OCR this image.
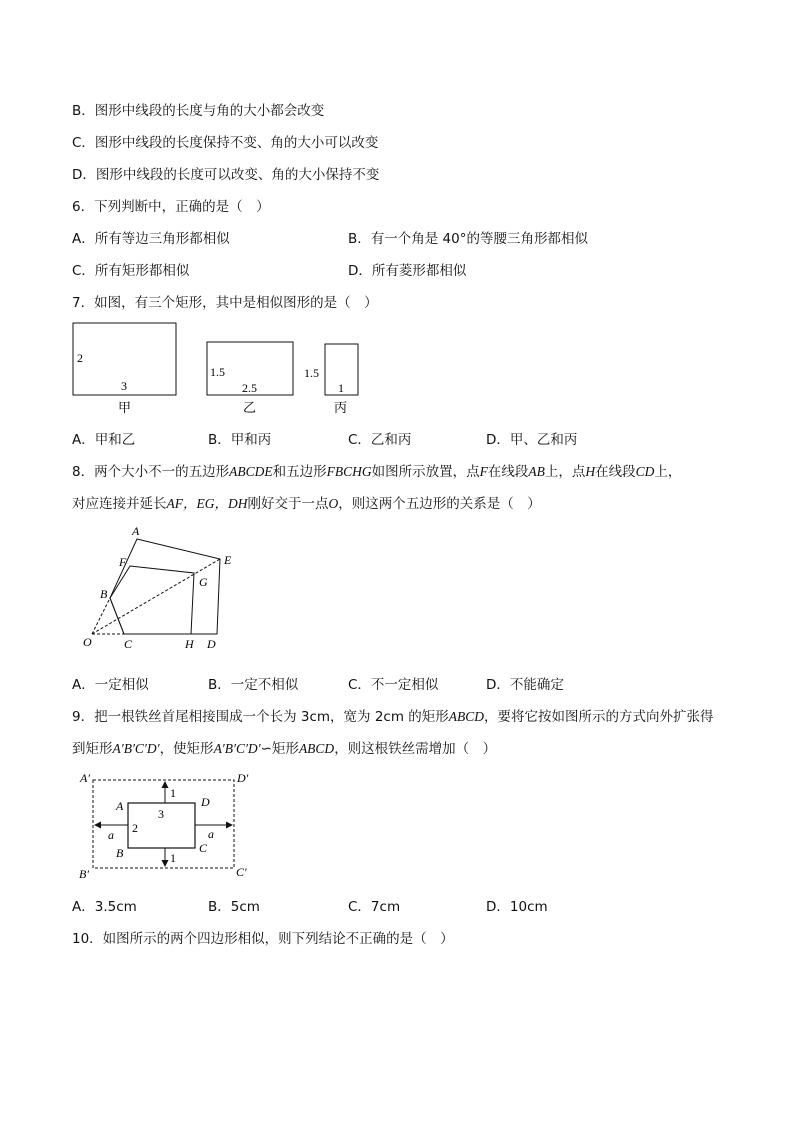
B．图形中线段的长度与角的大小都会改变
C．图形中线段的长度保持不变、角的大小可以改变
D．图形中线段的长度可以改变、角的大小保持不变
6．下列判断中，正确的是（　）
A．所有等边三角形都相似	B．有一个角是 40°的等腰三角形都相似
C．所有矩形都相似	D．所有菱形都相似
7．如图，有三个矩形，其中是相似图形的是（　）
2
3
甲
1.5
2.5
乙
1.5
1
丙
A．甲和乙	B．甲和丙	C．乙和丙	D．甲、乙和丙
8．两个大小不一的五边形ABCDE和五边形FBCHG如图所示放置，点F在线段AB上，点H在线段CD上，
对应连接并延长AF，EG，DH刚好交于一点O，则这两个五边形的关系是（　）
A
F	E
G
B
O	C	H D
A．一定相似	B．一定不相似	C．不一定相似	D．不能确定
9．把一根铁丝首尾相接围成一个长为 3cm，宽为 2cm 的矩形ABCD，要将它按如图所示的方式向外扩张得
到矩形A′B′C′D′，使矩形A′B′C′D′∽矩形ABCD，则这根铁丝需增加（　）
A′	D′
B′	C′
A	D
B	C
1
1
a	a
3
2
A．3.5cm	B．5cm	C．7cm	D．10cm
10．如图所示的两个四边形相似，则下列结论不正确的是（　）
